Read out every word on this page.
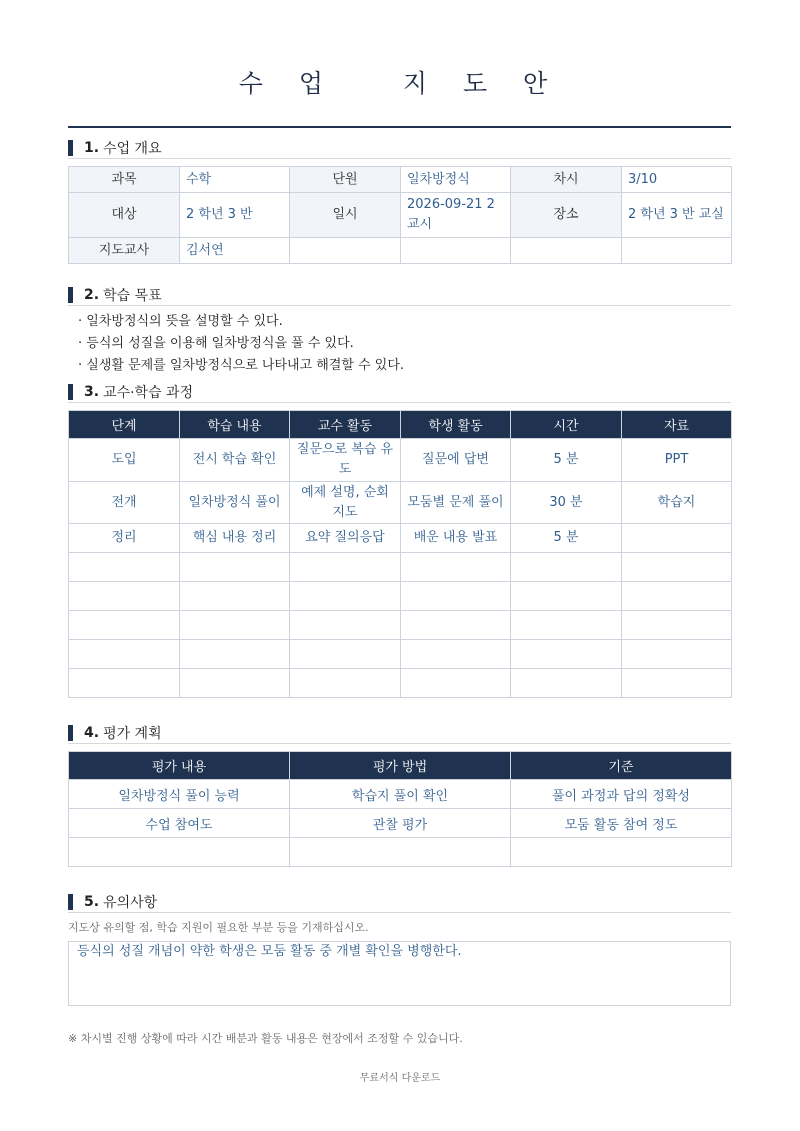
수 업   지 도 안
1. 수업 개요
과목	수학	단원	일차방정식	차시	3/10
대상	2 학년 3 반	일시	2026-09-21 2 교시	장소	2 학년 3 반 교실
지도교사	김서연				
2. 학습 목표
· 일차방정식의 뜻을 설명할 수 있다.
· 등식의 성질을 이용해 일차방정식을 풀 수 있다.
· 실생활 문제를 일차방정식으로 나타내고 해결할 수 있다.
3. 교수·학습 과정
단계	학습 내용	교수 활동	학생 활동	시간	자료
도입	전시 학습 확인	질문으로 복습 유도	질문에 답변	5 분	PPT
전개	일차방정식 풀이	예제 설명, 순회 지도	모둠별 문제 풀이	30 분	학습지
정리	핵심 내용 정리	요약 질의응답	배운 내용 발표	5 분	

4. 평가 계획
평가 내용	평가 방법	기준
일차방정식 풀이 능력	학습지 풀이 확인	풀이 과정과 답의 정확성
수업 참여도	관찰 평가	모둠 활동 참여 정도

5. 유의사항
지도상 유의할 점, 학습 지원이 필요한 부분 등을 기재하십시오.
등식의 성질 개념이 약한 학생은 모둠 활동 중 개별 확인을 병행한다.
※ 차시별 진행 상황에 따라 시간 배분과 활동 내용은 현장에서 조정할 수 있습니다.
무료서식 다운로드
